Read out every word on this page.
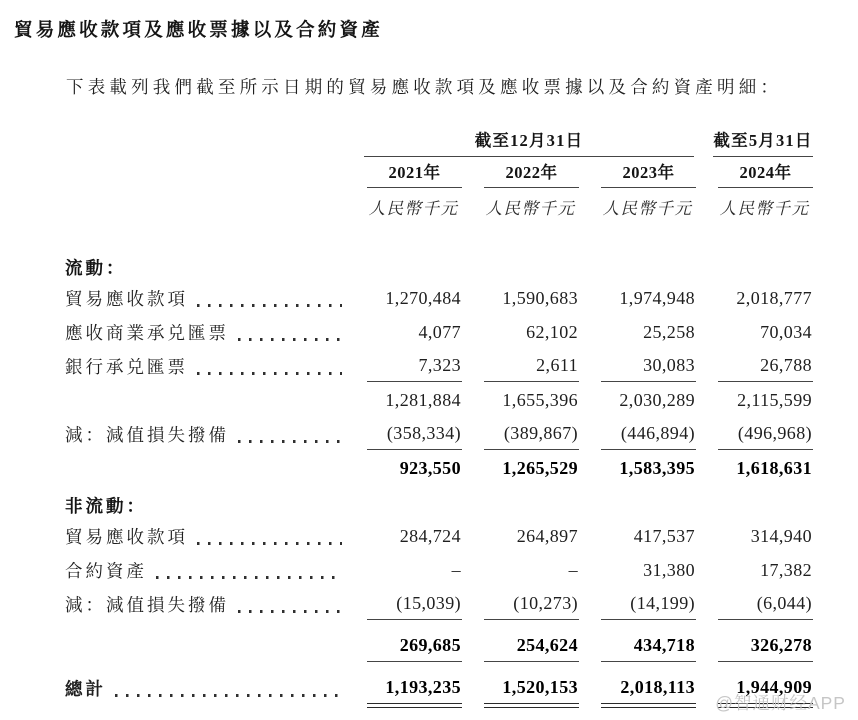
貿易應收款項及應收票據以及合約資產

下表載列我們截至所示日期的貿易應收款項及應收票據以及合約資產明細：

	截至12月31日			截至5月31日

	2021年	2022年	2023年	2024年

	人民幣千元	人民幣千元	人民幣千元	人民幣千元

流動：				

貿易應收款項	1,270,484	1,590,683	1,974,948	2,018,777

應收商業承兑匯票	4,077	62,102	25,258	70,034

銀行承兑匯票	7,323	2,611	30,083	26,788

	1,281,884	1,655,396	2,030,289	2,115,599

減：減值損失撥備	(358,334)	(389,867)	(446,894)	(496,968)

	923,550	1,265,529	1,583,395	1,618,631

非流動：				

貿易應收款項	284,724	264,897	417,537	314,940

合約資產	–	–	31,380	17,382

減：減值損失撥備	(15,039)	(10,273)	(14,199)	(6,044)

	269,685	254,624	434,718	326,278

總計	1,193,235	1,520,153	2,018,113	1,944,909
@智通财经APP
